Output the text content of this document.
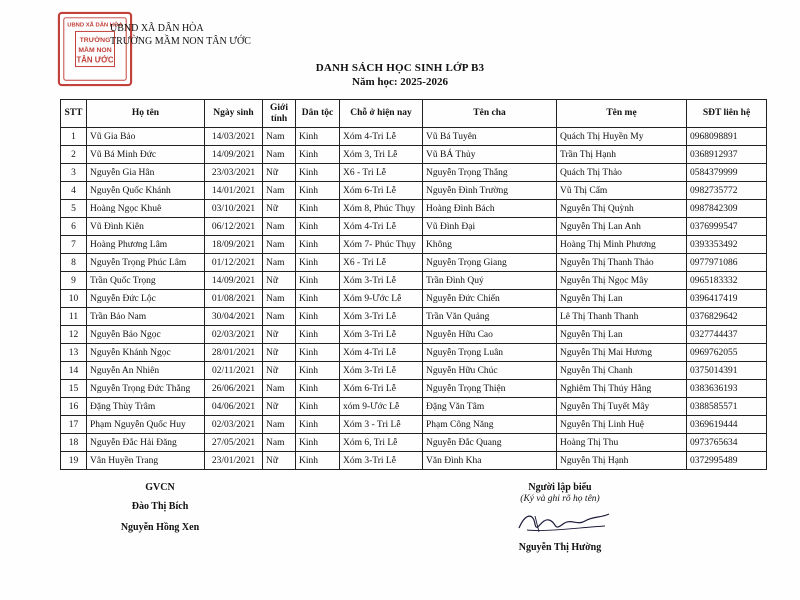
UBND XÃ DÂN HÒA
TRƯỜNG
MẦM NON
TÂN ƯỚC
UBND XÃ DÂN HÒA
TRƯỜNG MẦM NON TÂN ƯỚC
DANH SÁCH HỌC SINH LỚP B3
Năm học: 2025-2026
STT	Họ tên	Ngày sinh	Giới tính	Dân tộc	Chỗ ở hiện nay	Tên cha	Tên mẹ	SĐT liên hệ
1	Vũ Gia Bảo	14/03/2021	Nam	Kinh	Xóm 4-Tri Lễ	Vũ Bá Tuyên	Quách Thị Huyền My	0968098891
2	Vũ Bá Minh Đức	14/09/2021	Nam	Kinh	Xóm 3, Tri Lễ	Vũ BÁ Thủy	Trần Thị Hạnh	0368912937
3	Nguyễn Gia Hân	23/03/2021	Nữ	Kinh	X6 - Tri Lễ	Nguyễn Trọng Thắng	Quách Thị Thảo	0584379999
4	Nguyễn Quốc Khánh	14/01/2021	Nam	Kinh	Xóm 6-Tri Lễ	Nguyễn Đình Trường	Vũ Thị Cẩm	0982735772
5	Hoàng Ngọc Khuê	03/10/2021	Nữ	Kinh	Xóm 8, Phúc Thụy	Hoàng Đình Bách	Nguyễn Thị Quỳnh	0987842309
6	Vũ Đình Kiên	06/12/2021	Nam	Kinh	Xóm 4-Tri Lễ	Vũ Đình Đại	Nguyễn Thị Lan Anh	0376999547
7	Hoàng Phương Lâm	18/09/2021	Nam	Kinh	Xóm 7- Phúc Thụy	Không	Hoàng Thị Minh Phương	0393353492
8	Nguyễn Trọng Phúc Lâm	01/12/2021	Nam	Kinh	X6 - Tri Lễ	Nguyễn Trọng Giang	Nguyễn Thị Thanh Thảo	0977971086
9	Trần Quốc Trọng	14/09/2021	Nữ	Kinh	Xóm 3-Tri Lễ	Trần Đình Quý	Nguyễn Thị Ngọc Mây	0965183332
10	Nguyễn Đức Lộc	01/08/2021	Nam	Kinh	Xóm 9-Ước Lễ	Nguyễn Đức Chiến	Nguyễn Thị Lan	0396417419
11	Trần Bảo Nam	30/04/2021	Nam	Kinh	Xóm 3-Tri Lễ	Trần Văn Quảng	Lê Thị Thanh Thanh	0376829642
12	Nguyễn Bảo Ngọc	02/03/2021	Nữ	Kinh	Xóm 3-Tri Lễ	Nguyễn Hữu Cao	Nguyễn Thị Lan	0327744437
13	Nguyễn Khánh Ngọc	28/01/2021	Nữ	Kinh	Xóm 4-Tri Lễ	Nguyễn Trọng Luân	Nguyễn Thị Mai Hương	0969762055
14	Nguyễn An Nhiên	02/11/2021	Nữ	Kinh	Xóm 3-Tri Lễ	Nguyễn Hữu Chúc	Nguyễn Thị Chanh	0375014391
15	Nguyễn Trọng Đức Thắng	26/06/2021	Nam	Kinh	Xóm 6-Tri Lễ	Nguyễn Trọng Thiện	Nghiêm Thị Thúy Hằng	0383636193
16	Đặng Thùy Trâm	04/06/2021	Nữ	Kinh	xóm 9-Ước Lễ	Đặng Văn Tâm	Nguyễn Thị Tuyết Mây	0388585571
17	Phạm Nguyễn Quốc Huy	02/03/2021	Nam	Kinh	Xóm 3 - Tri Lễ	Phạm Công Năng	Nguyễn Thị Linh Huệ	0369619444
18	Nguyễn Đắc Hải Đăng	27/05/2021	Nam	Kinh	Xóm 6, Tri Lễ	Nguyễn Đắc Quang	Hoàng Thị Thu	0973765634
19	Vân Huyền Trang	23/01/2021	Nữ	Kinh	Xóm 3-Tri Lễ	Văn Đình Kha	Nguyễn Thị Hạnh	0372995489
GVCN
Đào Thị Bích
Nguyễn Hồng Xen
Người lập biểu
(Ký và ghi rõ họ tên)
Nguyễn Thị Hường
